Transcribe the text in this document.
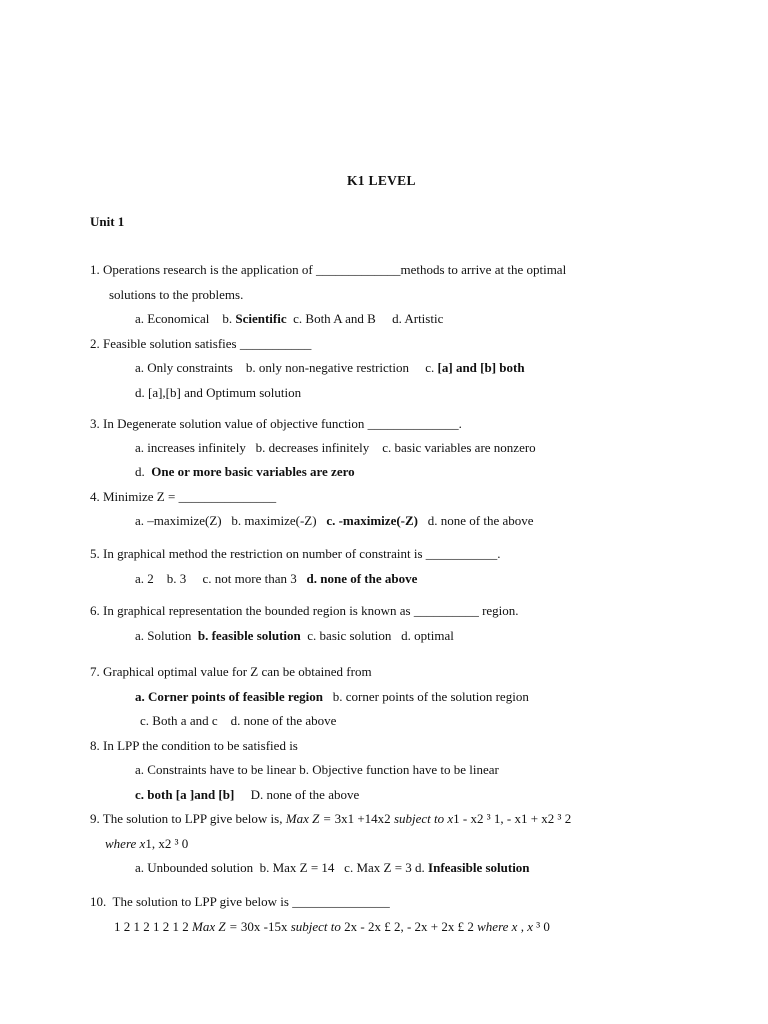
K1 LEVEL
Unit 1
1. Operations research is the application of _____________methods to arrive at the optimal
solutions to the problems.
a. Economical    b. Scientific  c. Both A and B     d. Artistic
2. Feasible solution satisfies ___________
a. Only constraints    b. only non-negative restriction     c. [a] and [b] both
d. [a],[b] and Optimum solution
3. In Degenerate solution value of objective function ______________.
a. increases infinitely   b. decreases infinitely    c. basic variables are nonzero
d.  One or more basic variables are zero
4. Minimize Z = _______________
a. –maximize(Z)   b. maximize(-Z)   c. -maximize(-Z)   d. none of the above
5. In graphical method the restriction on number of constraint is ___________.
a. 2    b. 3     c. not more than 3   d. none of the above
6. In graphical representation the bounded region is known as __________ region.
a. Solution  b. feasible solution  c. basic solution   d. optimal
7. Graphical optimal value for Z can be obtained from
a. Corner points of feasible region   b. corner points of the solution region
c. Both a and c    d. none of the above
8. In LPP the condition to be satisfied is
a. Constraints have to be linear b. Objective function have to be linear
c. both [a ]and [b]     D. none of the above
9. The solution to LPP give below is, Max Z = 3x1 +14x2 subject to x1 - x2 ³ 1, - x1 + x2 ³ 2
where x1, x2 ³ 0
a. Unbounded solution  b. Max Z = 14   c. Max Z = 3 d. Infeasible solution
10.  The solution to LPP give below is _______________
1 2 1 2 1 2 1 2 Max Z = 30x -15x subject to 2x - 2x £ 2, - 2x + 2x £ 2 where x , x ³ 0
